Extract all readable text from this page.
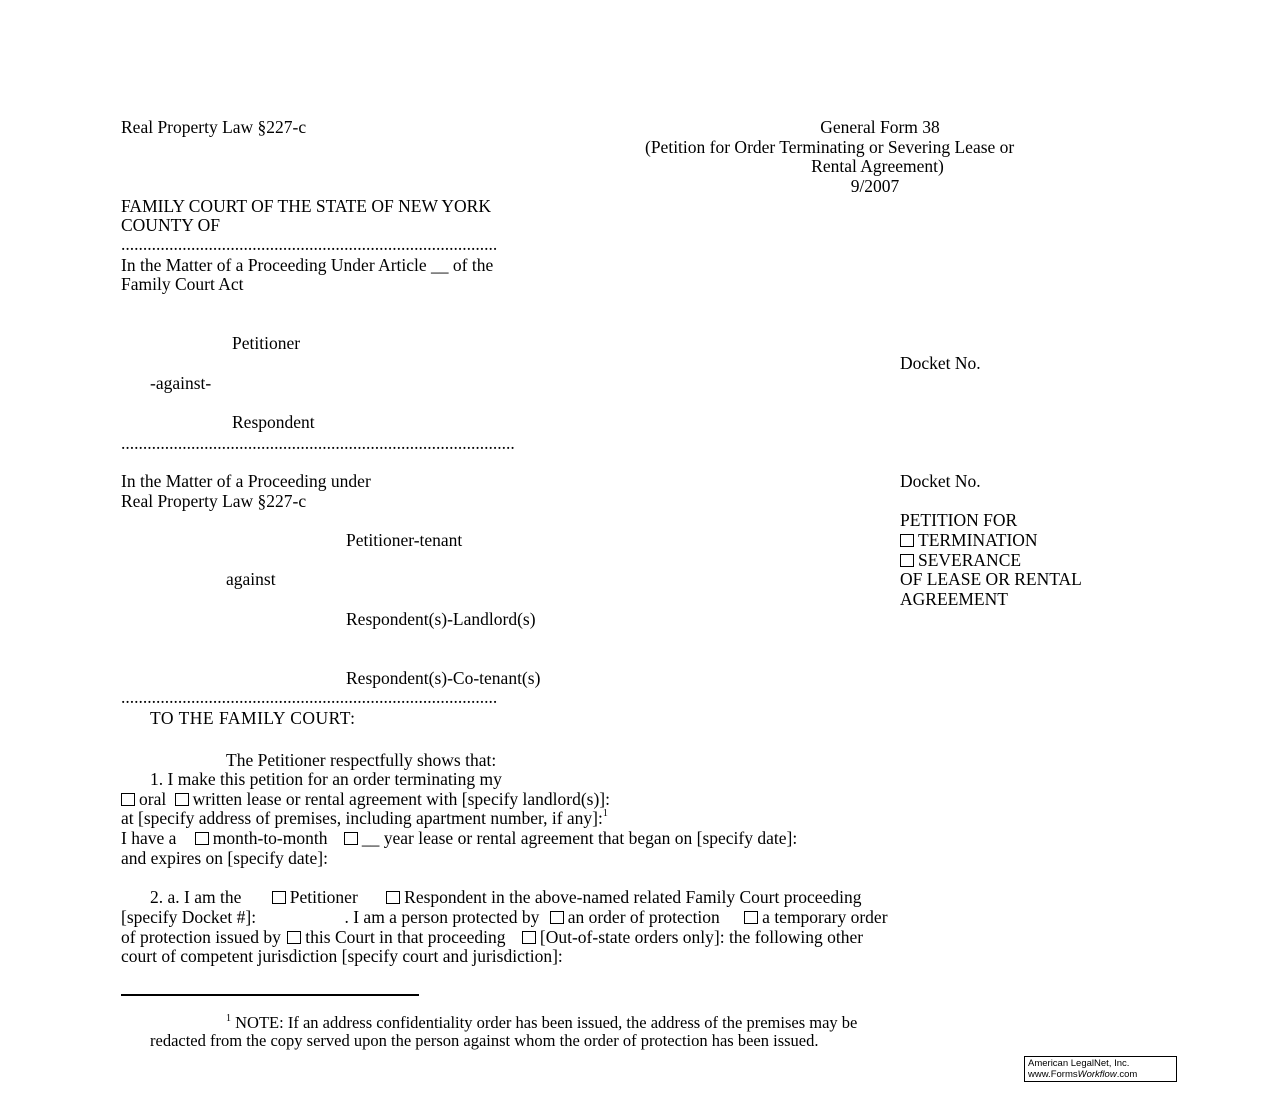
Real Property Law §227-c	General Form 38
(Petition for Order Terminating or Severing Lease or
Rental Agreement)
9/2007
FAMILY COURT OF THE STATE OF NEW YORK
COUNTY OF
......................................................................................
In the Matter of a Proceeding Under Article __ of the
Family Court Act
Petitioner
Docket No.
-against-
Respondent
..........................................................................................
In the Matter of a Proceeding under	Docket No.
Real Property Law §227-c
PETITION FOR
Petitioner-tenant	TERMINATION
SEVERANCE
against	OF LEASE OR RENTAL
AGREEMENT
Respondent(s)-Landlord(s)
Respondent(s)-Co-tenant(s)
......................................................................................
TO THE FAMILY COURT:
The Petitioner respectfully shows that:
1. I make this petition for an order terminating my
oral written lease or rental agreement with [specify landlord(s)]:
at [specify address of premises, including apartment number, if any]:$^1$
I have a month-to-month __ year lease or rental agreement that began on [specify date]:
and expires on [specify date]:
2. a. I am the	Petitioner	Respondent in the above-named related Family Court proceeding
[specify Docket #]:	. I am a person protected by an order of protection a temporary order
of protection issued by this Court in that proceeding [Out-of-state orders only]: the following other
court of competent jurisdiction [specify court and jurisdiction]:
$^1$ NOTE: If an address confidentiality order has been issued, the address of the premises may be
redacted from the copy served upon the person against whom the order of protection has been issued.
American LegalNet, Inc.
www.FormsWorkflow.com
